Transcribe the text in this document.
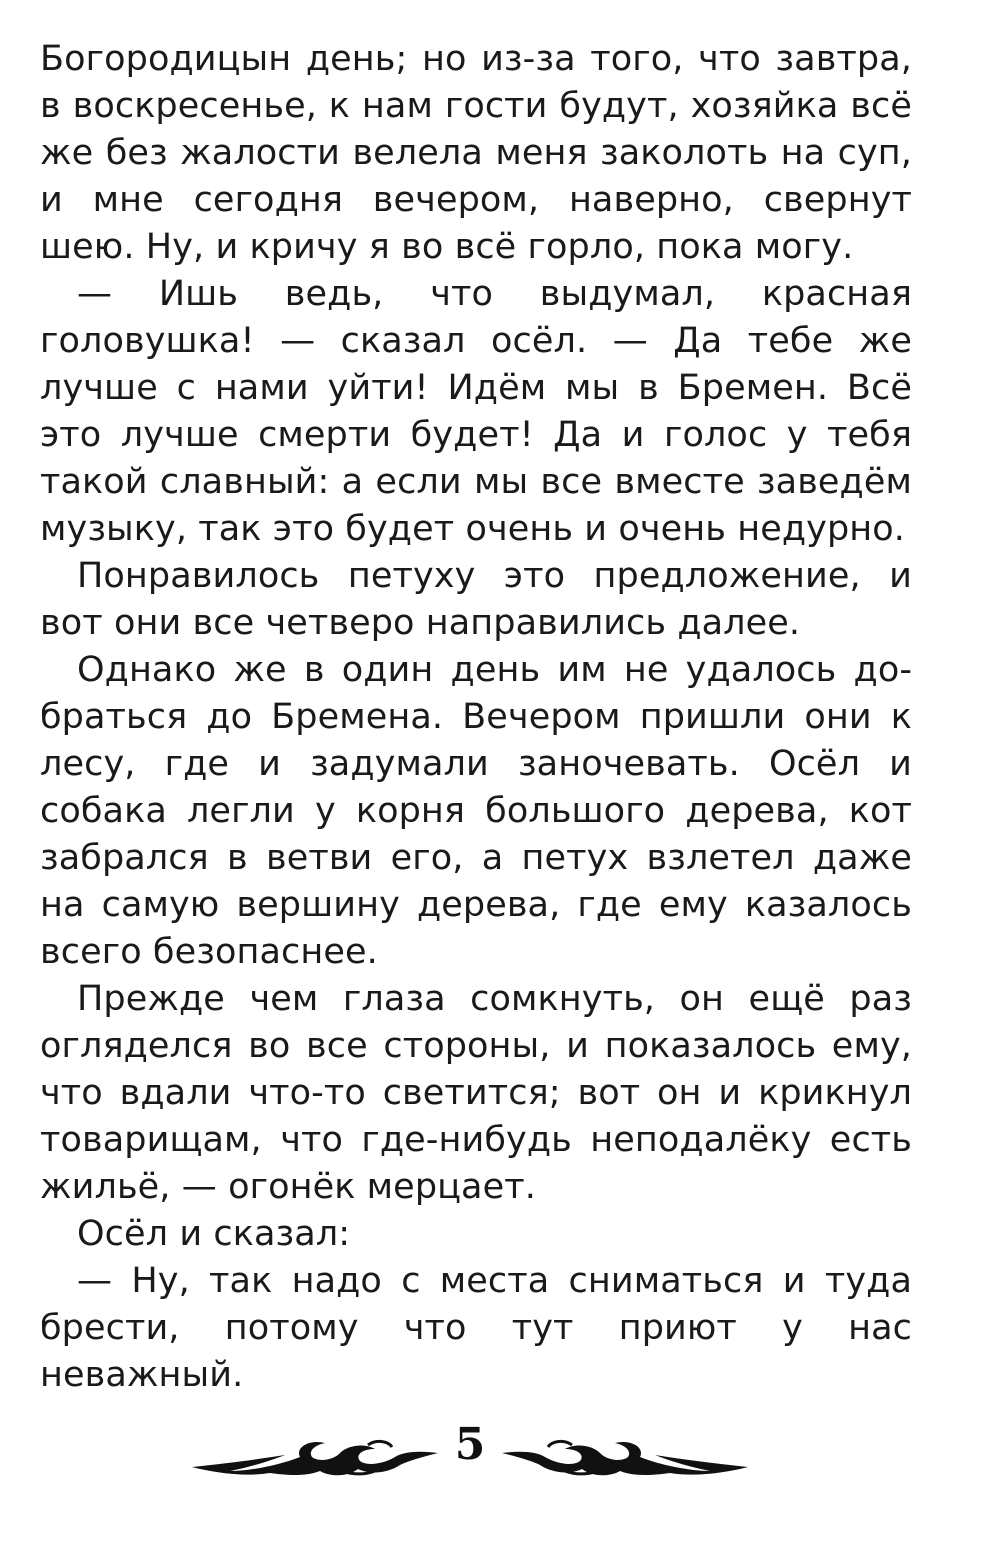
Богородицын день; но из-за того, что завтра, в воскресенье, к нам гости будут, хозяйка всё же без жалости велела меня заколоть на суп, и мне сегодня вечером, наверно, свернут шею. Ну, и кричу я во всё горло, пока могу.

— Ишь ведь, что выдумал, красная головушка! — сказал осёл. — Да тебе же лучше с нами уйти! Идём мы в Бремен. Всё это лучше смерти будет! Да и голос у тебя такой славный: а если мы все вместе заведём музыку, так это будет очень и очень недурно.

Понравилось петуху это предложение, и вот они все четверо направились далее.

Однако же в один день им не удалось добраться до Бремена. Вечером пришли они к лесу, где и задумали заночевать. Осёл и собака легли у корня большого дерева, кот забрался в ветви его, а петух взлетел даже на самую вершину дерева, где ему казалось всего безопаснее.

Прежде чем глаза сомкнуть, он ещё раз огляделся во все стороны, и показалось ему, что вдали что-то светится; вот он и крикнул товарищам, что где-нибудь неподалёку есть жильё, — огонёк мерцает.

Осёл и сказал:

— Ну, так надо с места сниматься и туда брести, потому что тут приют у нас неважный.

5
